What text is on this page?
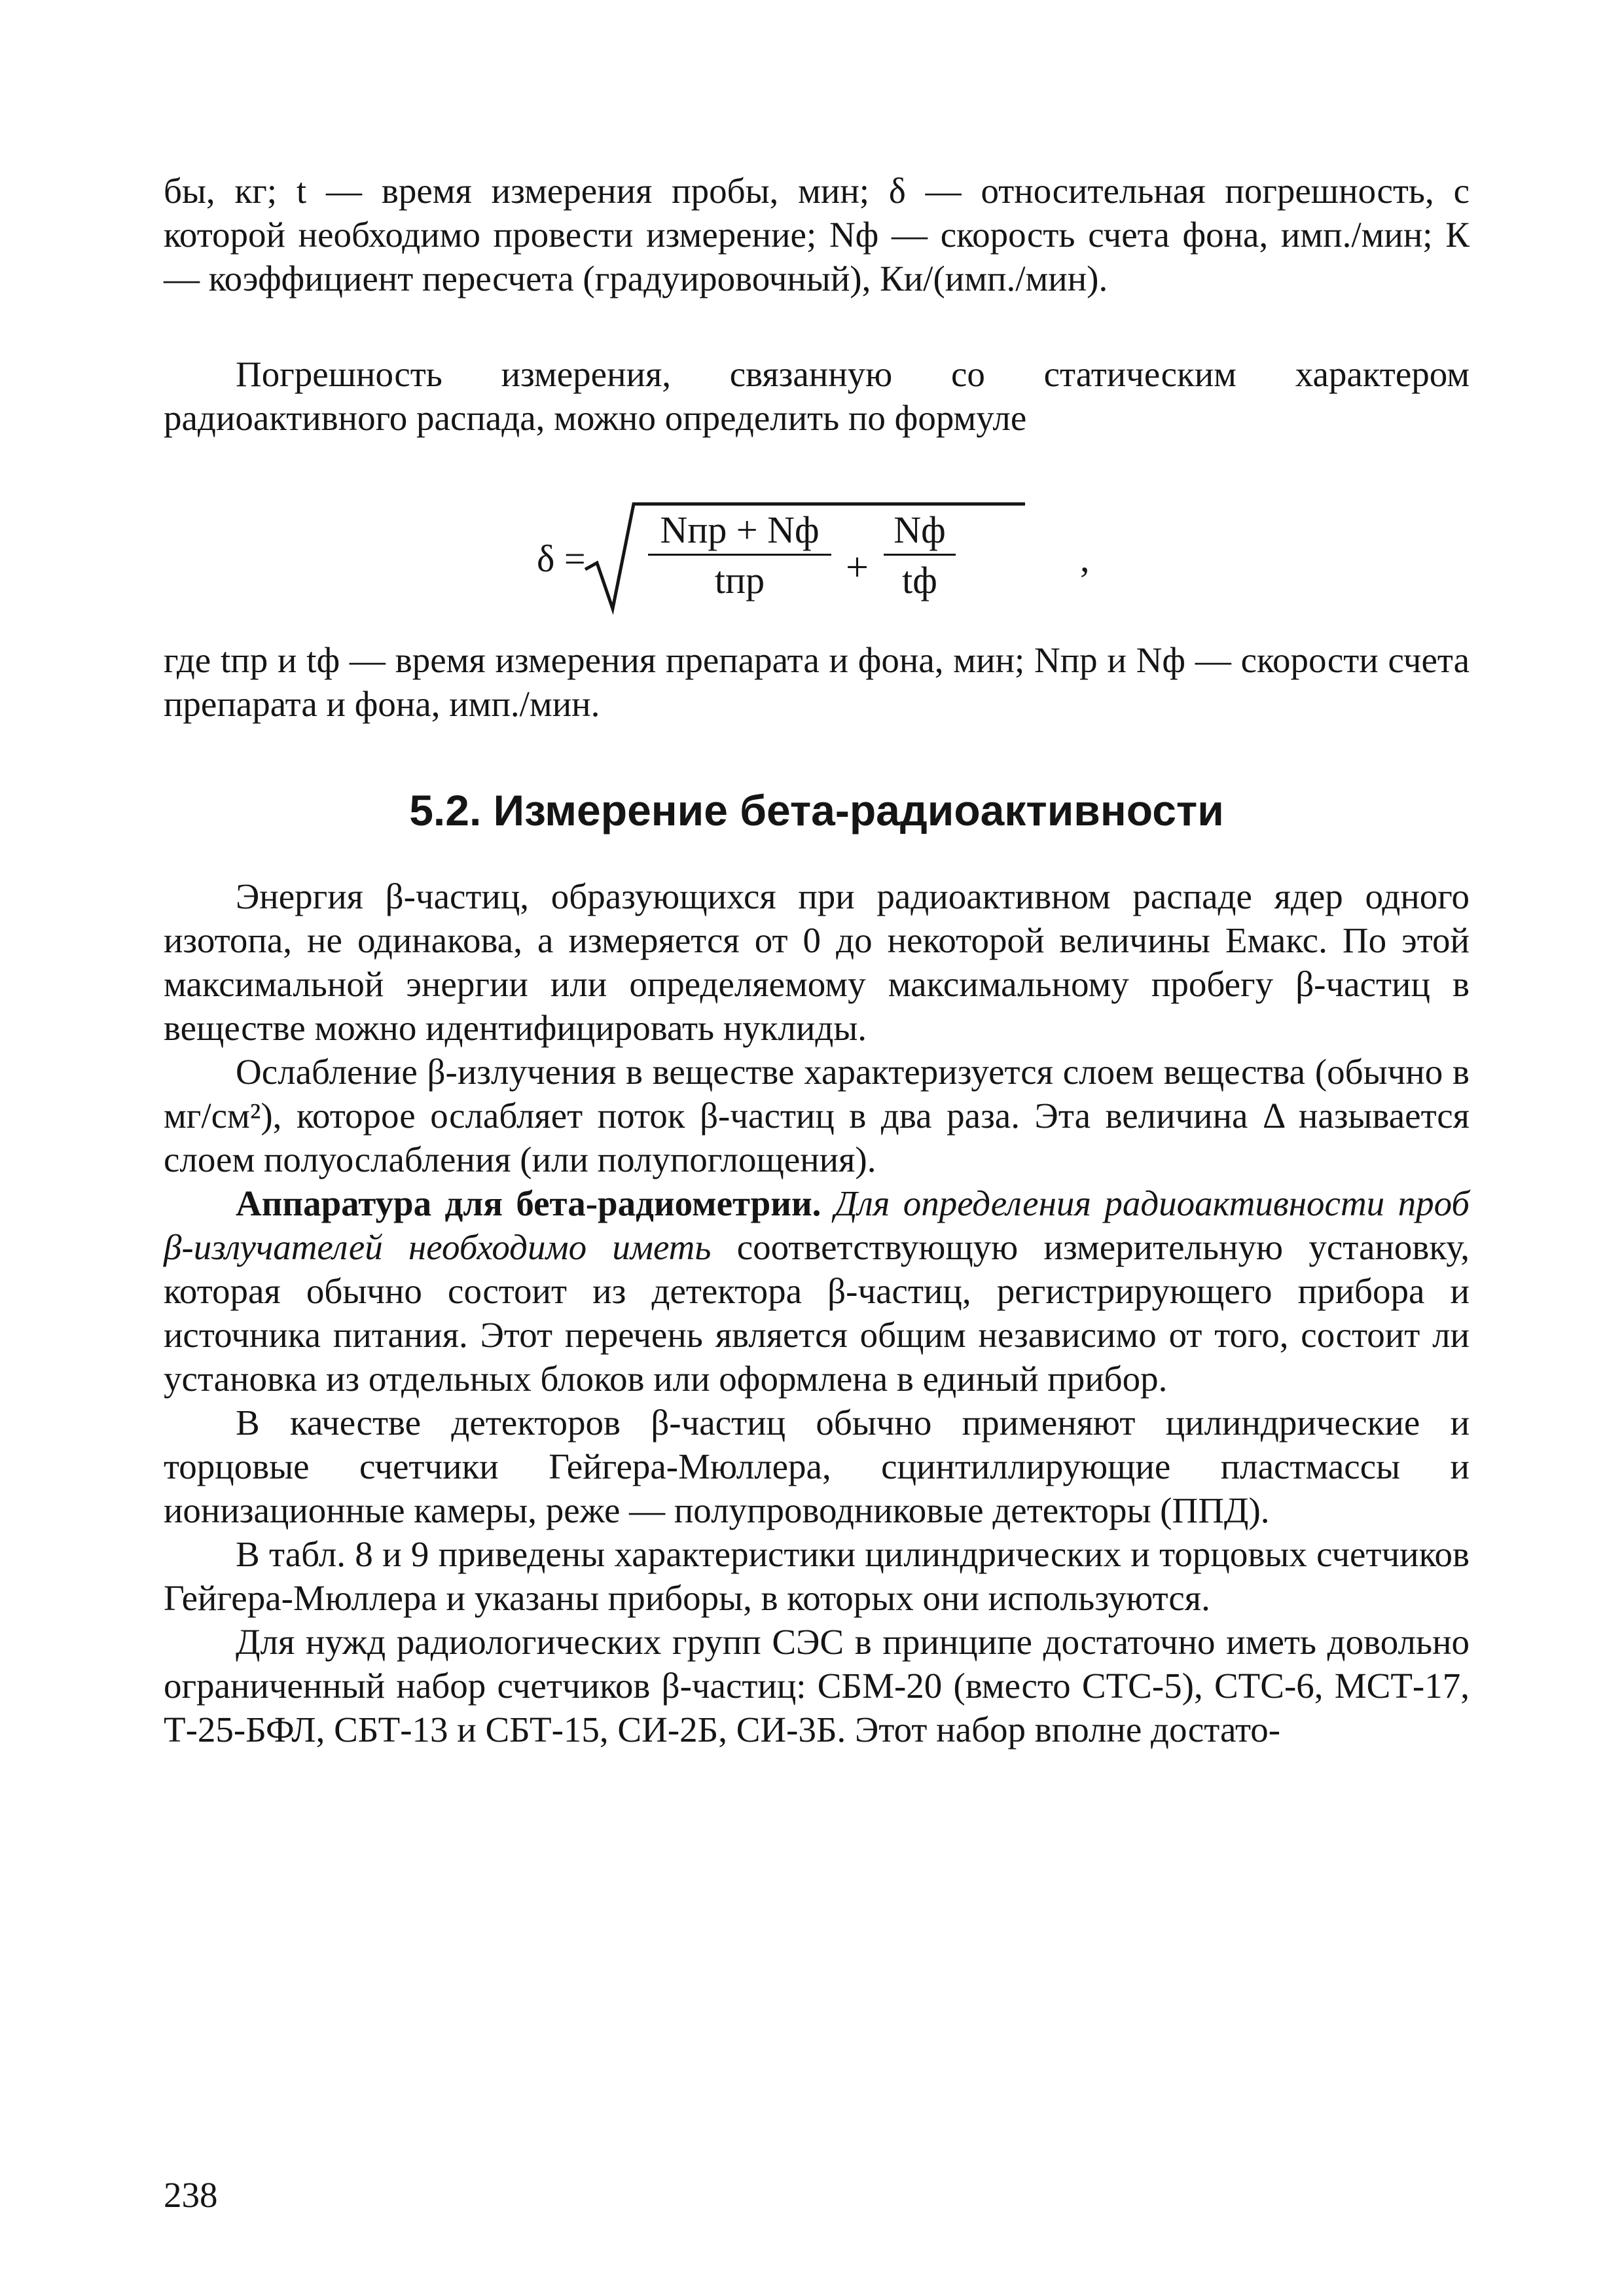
бы, кг; t — время измерения пробы, мин; δ — относительная погрешность, с которой необходимо провести измерение; Nф — скорость счета фона, имп./мин; К — коэффициент пересчета (градуировочный), Ки/(имп./мин).

Погрешность измерения, связанную со статическим характером радиоактивного распада, можно определить по формуле

δ =
Nпр + Nф
tпр	+
Nф
tф
,

где tпр и tф — время измерения препарата и фона, мин; Nпр и Nф — скорости счета препарата и фона, имп./мин.

5.2. Измерение бета-радиоактивности

Энергия β-частиц, образующихся при радиоактивном распаде ядер одного изотопа, не одинакова, а измеряется от 0 до некоторой величины Eмакс. По этой максимальной энергии или определяемому максимальному пробегу β-частиц в веществе можно идентифицировать нуклиды.

Ослабление β-излучения в веществе характеризуется слоем вещества (обычно в мг/см²), которое ослабляет поток β-частиц в два раза. Эта величина Δ называется слоем полуослабления (или полупоглощения).

Аппаратура для бета-радиометрии. Для определения радиоактивности проб β-излучателей необходимо иметь соответствующую измерительную установку, которая обычно состоит из детектора β-частиц, регистрирующего прибора и источника питания. Этот перечень является общим независимо от того, состоит ли установка из отдельных блоков или оформлена в единый прибор.

В качестве детекторов β-частиц обычно применяют цилиндрические и торцовые счетчики Гейгера-Мюллера, сцинтиллирующие пластмассы и ионизационные камеры, реже — полупроводниковые детекторы (ППД).

В табл. 8 и 9 приведены характеристики цилиндрических и торцовых счетчиков Гейгера-Мюллера и указаны приборы, в которых они используются.

Для нужд радиологических групп СЭС в принципе достаточно иметь довольно ограниченный набор счетчиков β-частиц: СБМ-20 (вместо СТС-5), СТС-6, МСТ-17, Т-25-БФЛ, СБТ-13 и СБТ-15, СИ-2Б, СИ-3Б. Этот набор вполне достато-

238
